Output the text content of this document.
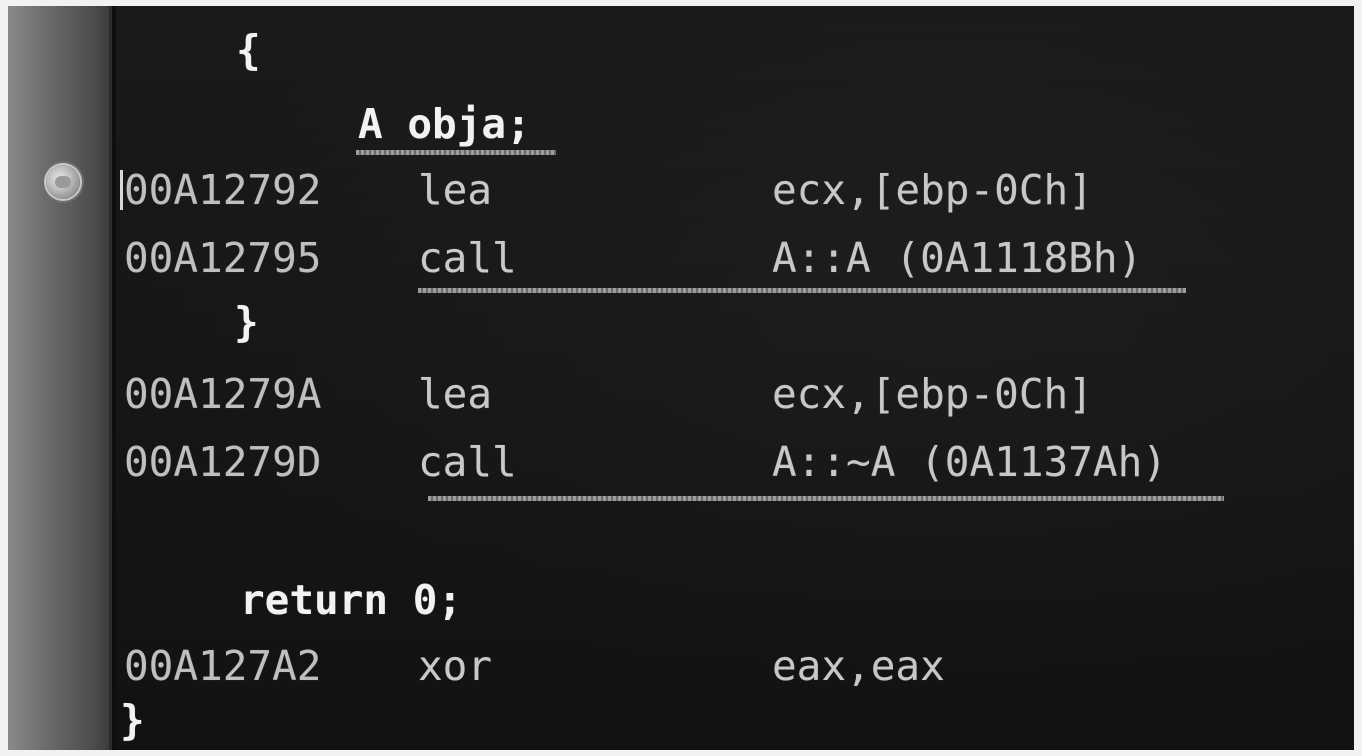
{
A obja;
00A12792 lea	ecx,[ebp-0Ch]
00A12795 call	A::A (0A1118Bh)
}
00A1279A lea	ecx,[ebp-0Ch]
00A1279D call	A::~A (0A1137Ah)
return 0;
00A127A2 xor	eax,eax
}
